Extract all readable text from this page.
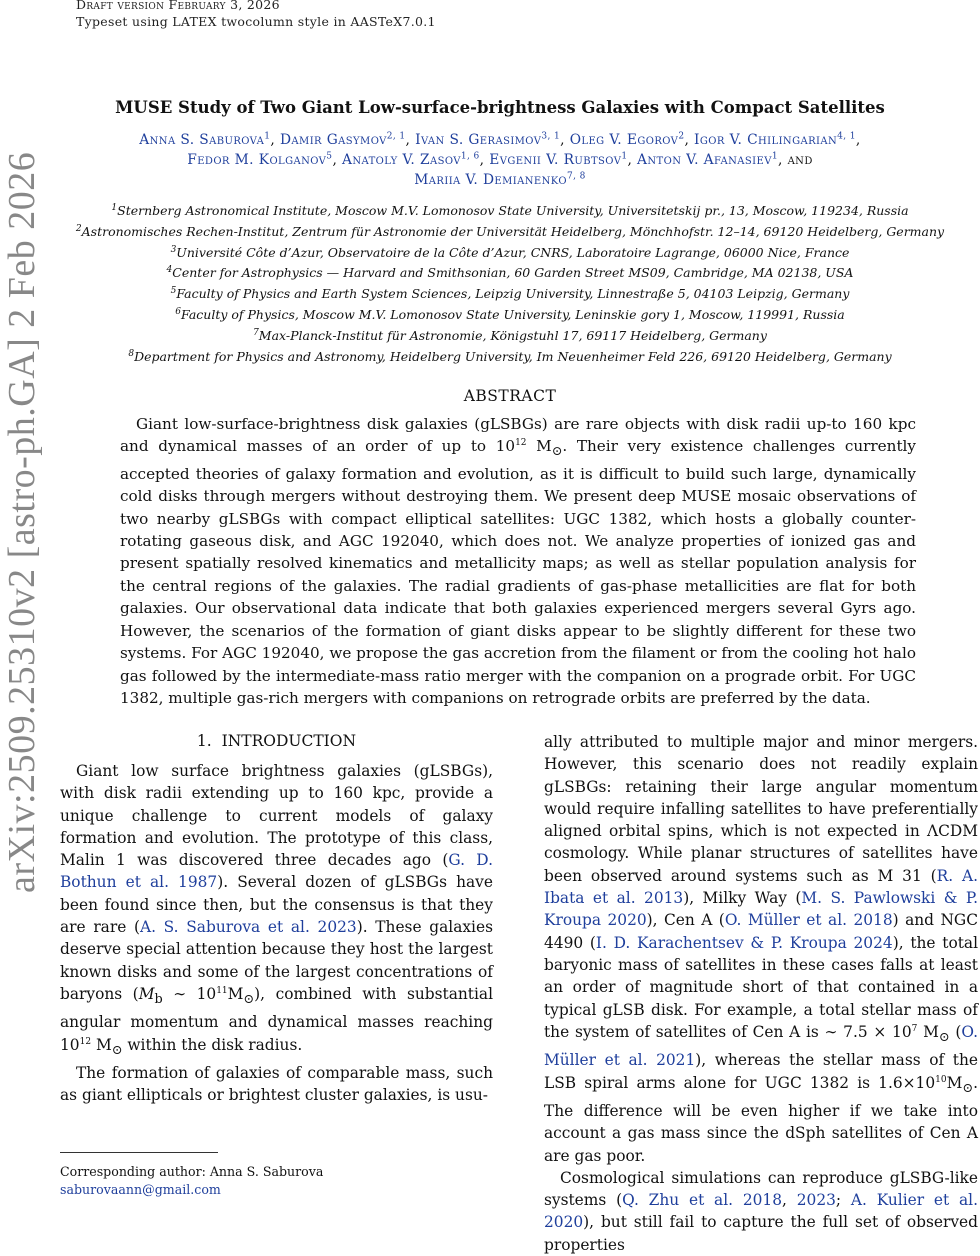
Draft version February 3, 2026
Typeset using LATEX twocolumn style in AASTeX7.0.1
arXiv:2509.25310v2 [astro-ph.GA] 2 Feb 2026
MUSE Study of Two Giant Low-surface-brightness Galaxies with Compact Satellites
Anna S. Saburova$^1$, Damir Gasymov$^{2, 1}$, Ivan S. Gerasimov$^{3, 1}$, Oleg V. Egorov$^2$, Igor V. Chilingarian$^{4, 1}$,
Fedor M. Kolganov$^5$, Anatoly V. Zasov$^{1, 6}$, Evgenii V. Rubtsov$^1$, Anton V. Afanasiev$^1$, and
Mariia V. Demianenko$^{7, 8}$
$^1$Sternberg Astronomical Institute, Moscow M.V. Lomonosov State University, Universitetskij pr., 13, Moscow, 119234, Russia
$^2$Astronomisches Rechen-Institut, Zentrum für Astronomie der Universität Heidelberg, Mönchhofstr. 12–14, 69120 Heidelberg, Germany
$^3$Université Côte d’Azur, Observatoire de la Côte d’Azur, CNRS, Laboratoire Lagrange, 06000 Nice, France
$^4$Center for Astrophysics — Harvard and Smithsonian, 60 Garden Street MS09, Cambridge, MA 02138, USA
$^5$Faculty of Physics and Earth System Sciences, Leipzig University, Linnestraße 5, 04103 Leipzig, Germany
$^6$Faculty of Physics, Moscow M.V. Lomonosov State University, Leninskie gory 1, Moscow, 119991, Russia
$^7$Max-Planck-Institut für Astronomie, Königstuhl 17, 69117 Heidelberg, Germany
$^8$Department for Physics and Astronomy, Heidelberg University, Im Neuenheimer Feld 226, 69120 Heidelberg, Germany
ABSTRACT
Giant low-surface-brightness disk galaxies (gLSBGs) are rare objects with disk radii up-to 160 kpc and dynamical masses of an order of up to $10^{12}$ $M_⊙$. Their very existence challenges currently accepted theories of galaxy formation and evolution, as it is difficult to build such large, dynamically cold disks through mergers without destroying them. We present deep MUSE mosaic observations of two nearby gLSBGs with compact elliptical satellites: UGC 1382, which hosts a globally counter-rotating gaseous disk, and AGC 192040, which does not. We analyze properties of ionized gas and present spatially resolved kinematics and metallicity maps; as well as stellar population analysis for the central regions of the galaxies. The radial gradients of gas-phase metallicities are flat for both galaxies. Our observational data indicate that both galaxies experienced mergers several Gyrs ago. However, the scenarios of the formation of giant disks appear to be slightly different for these two systems. For AGC 192040, we propose the gas accretion from the filament or from the cooling hot halo gas followed by the intermediate-mass ratio merger with the companion on a prograde orbit. For UGC 1382, multiple gas-rich mergers with companions on retrograde orbits are preferred by the data.
1. INTRODUCTION

Giant low surface brightness galaxies (gLSBGs), with disk radii extending up to 160 kpc, provide a unique challenge to current models of galaxy formation and evolution. The prototype of this class, Malin 1 was discovered three decades ago (G. D. Bothun et al. 1987). Several dozen of gLSBGs have been found since then, but the consensus is that they are rare (A. S. Saburova et al. 2023). These galaxies deserve special attention because they host the largest known disks and some of the largest concentrations of baryons ($M_b$ ∼ $10^{11}M_⊙$), combined with substantial angular momentum and dynamical masses reaching $10^{12}$ $M_⊙$ within the disk radius.

The formation of galaxies of comparable mass, such as giant ellipticals or brightest cluster galaxies, is usu-

ally attributed to multiple major and minor mergers. However, this scenario does not readily explain gLSBGs: retaining their large angular momentum would require infalling satellites to have preferentially aligned orbital spins, which is not expected in ΛCDM cosmology. While planar structures of satellites have been observed around systems such as M 31 (R. A. Ibata et al. 2013), Milky Way (M. S. Pawlowski & P. Kroupa 2020), Cen A (O. Müller et al. 2018) and NGC 4490 (I. D. Karachentsev & P. Kroupa 2024), the total baryonic mass of satellites in these cases falls at least an order of magnitude short of that contained in a typical gLSB disk. For example, a total stellar mass of the system of satellites of Cen A is ∼ $7.5 \times 10^7$ $M_⊙$ (O. Müller et al. 2021), whereas the stellar mass of the LSB spiral arms alone for UGC 1382 is $1.6\times 10^{10}M_⊙$. The difference will be even higher if we take into account a gas mass since the dSph satellites of Cen A are gas poor.

Cosmological simulations can reproduce gLSBG-like systems (Q. Zhu et al. 2018, 2023; A. Kulier et al. 2020), but still fail to capture the full set of observed properties

Corresponding author: Anna S. Saburova
saburovaann@gmail.com
